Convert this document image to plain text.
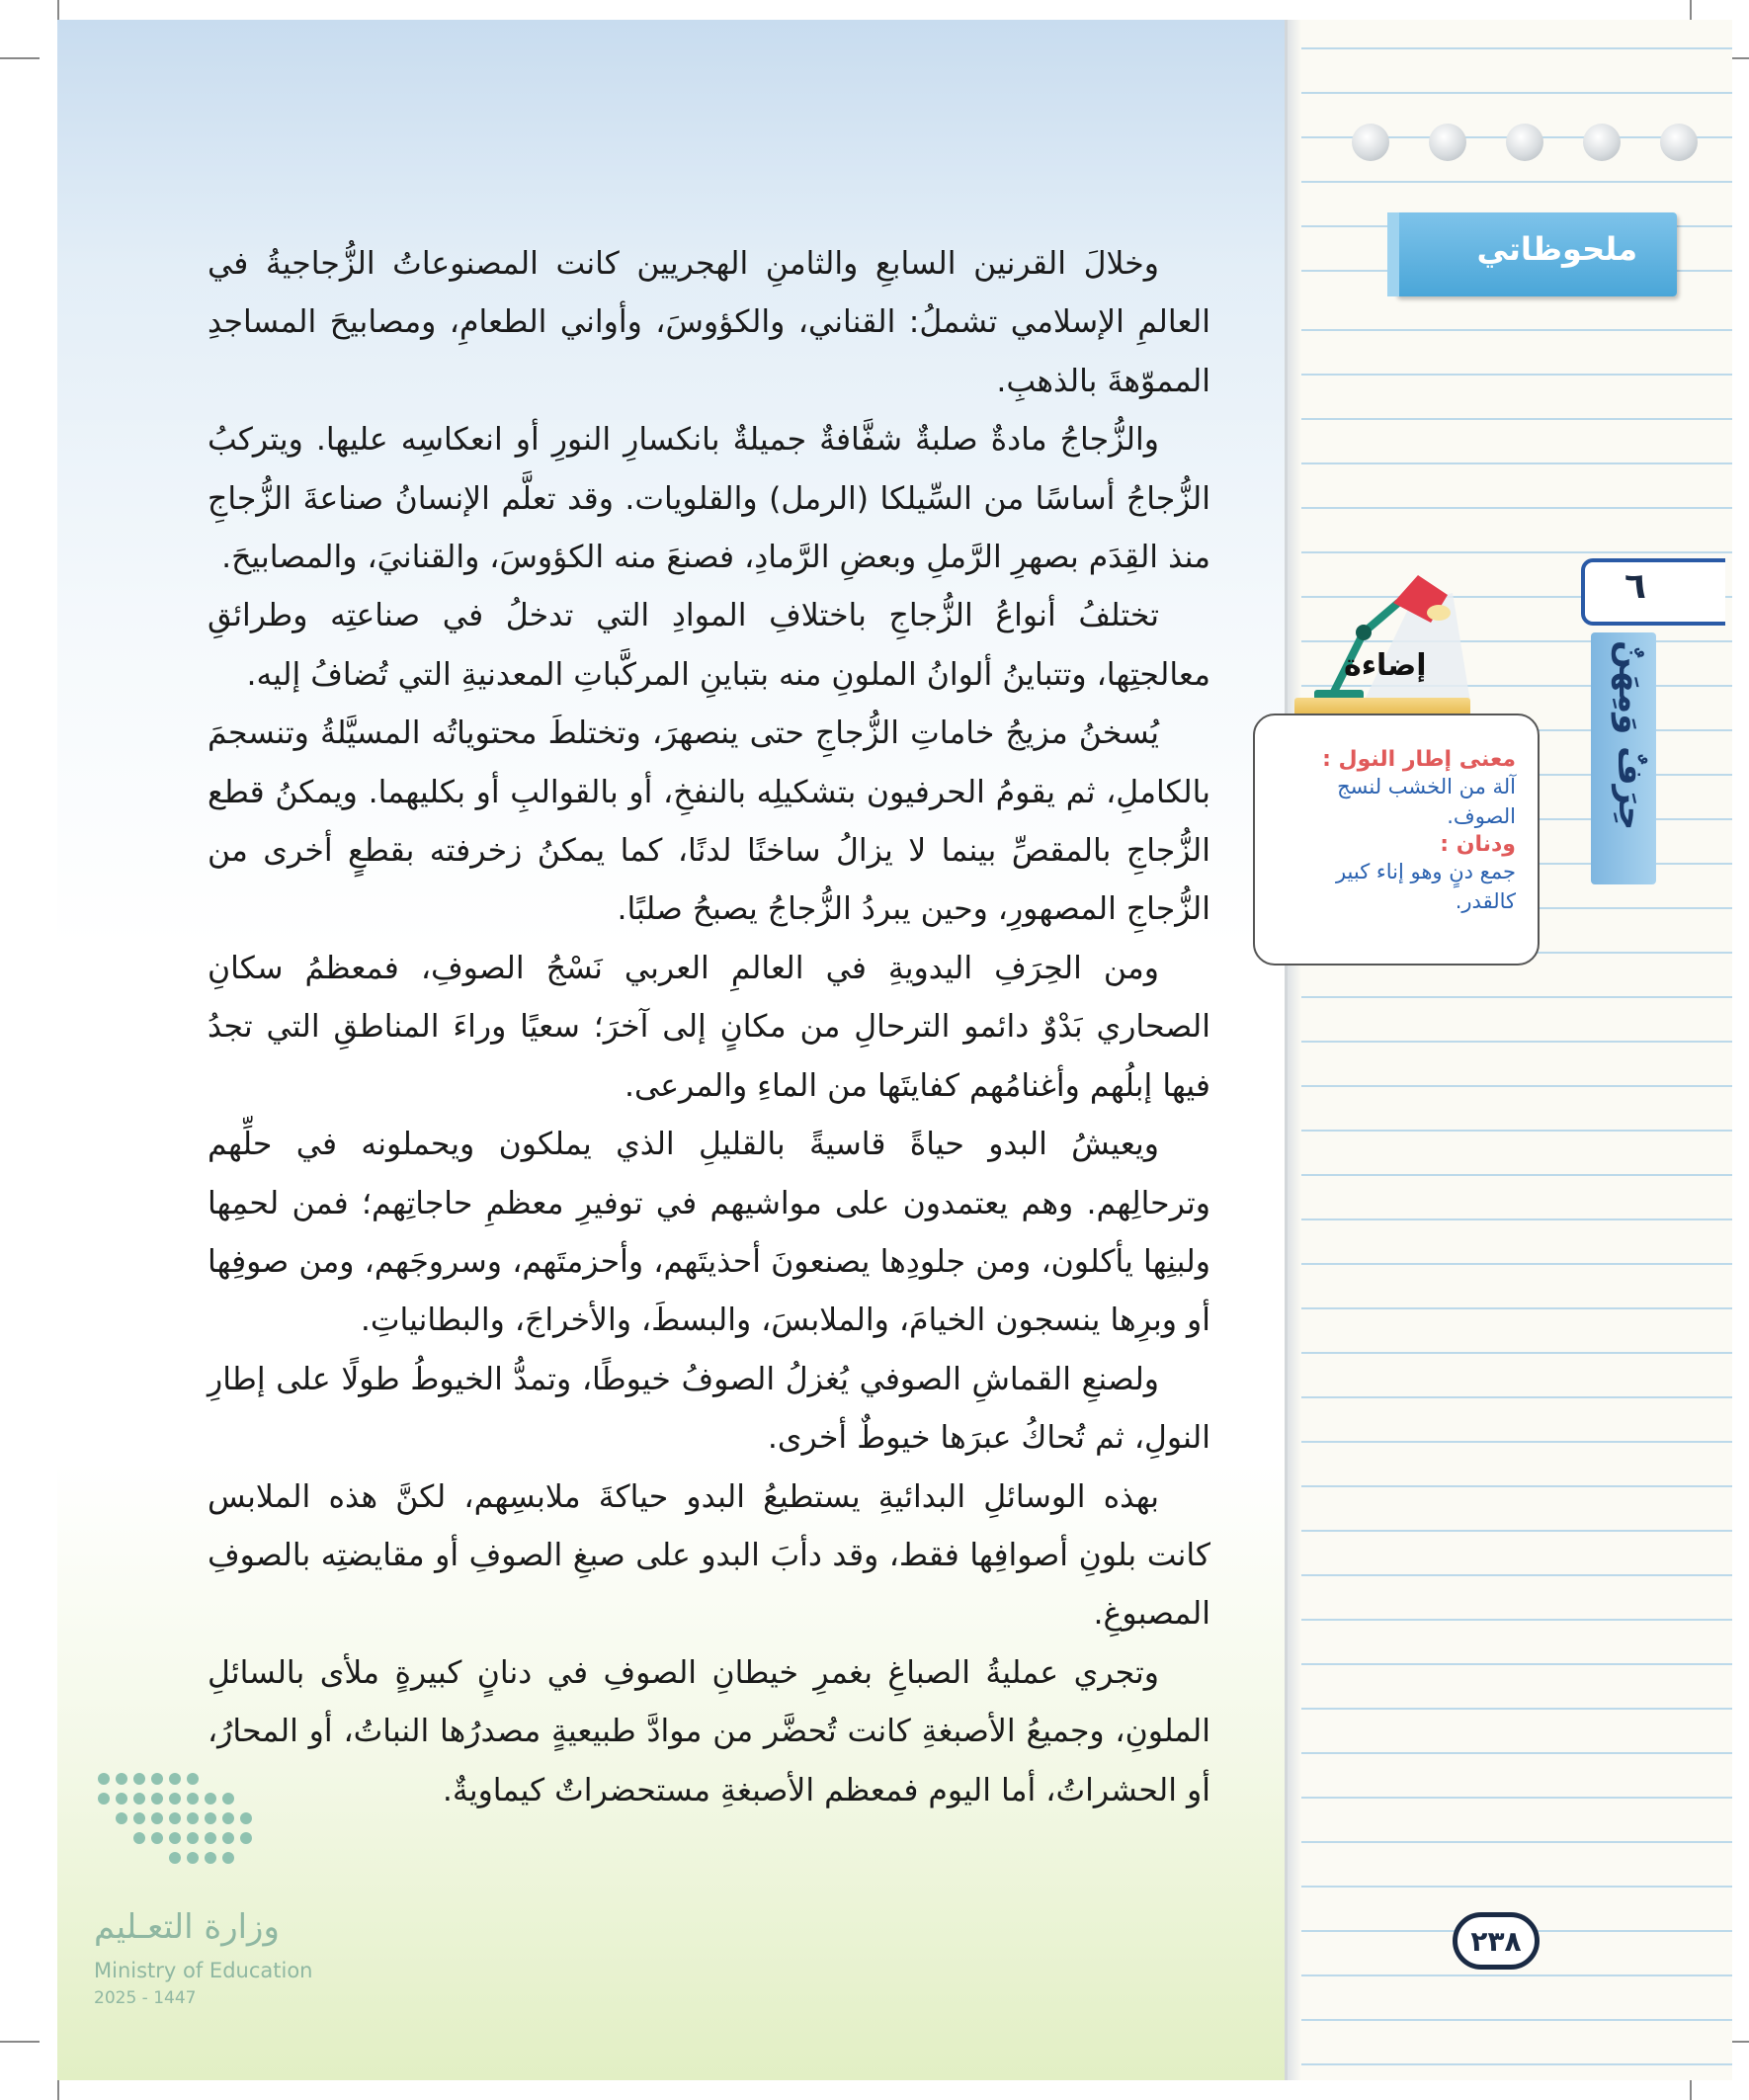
ملحوظاتي
٦
حِرَفٌ وَمِهَنٌ
إضاءة
معنى إطار النول :
آلة من الخشب لنسج الصوف.
ودنان :
جمع دنٍ وهو إناء كبير كالقدر.

وخلالَ القرنين السابعِ والثامنِ الهجريين كانت المصنوعاتُ الزُّجاجيةُ في العالمِ الإسلامي تشملُ: القناني، والكؤوسَ، وأواني الطعامِ، ومصابيحَ المساجدِ المموّهةَ بالذهبِ.

والزُّجاجُ مادةٌ صلبةٌ شفَّافةٌ جميلةٌ بانكسارِ النورِ أو انعكاسِه عليها. ويتركبُ الزُّجاجُ أساسًا من السِّيلكا (الرمل) والقلويات. وقد تعلَّم الإنسانُ صناعةَ الزُّجاجِ منذ القِدَم بصهرِ الرَّملِ وبعضِ الرَّمادِ، فصنعَ منه الكؤوسَ، والقنانيَ، والمصابيحَ.

تختلفُ أنواعُ الزُّجاجِ باختلافِ الموادِ التي تدخلُ في صناعتِه وطرائقِ معالجتِها، وتتباينُ ألوانُ الملونِ منه بتباينِ المركَّباتِ المعدنيةِ التي تُضافُ إليه.

يُسخنُ مزيجُ خاماتِ الزُّجاجِ حتى ينصهرَ، وتختلطَ محتوياتُه المسيَّلةُ وتنسجمَ بالكاملِ، ثم يقومُ الحرفيون بتشكيلِه بالنفخِ، أو بالقوالبِ أو بكليهما. ويمكنُ قطع الزُّجاجِ بالمقصِّ بينما لا يزالُ ساخنًا لدنًا، كما يمكنُ زخرفته بقطعٍ أخرى من الزُّجاجِ المصهورِ، وحين يبردُ الزُّجاجُ يصبحُ صلبًا.

ومن الحِرَفِ اليدويةِ في العالمِ العربي نَسْجُ الصوفِ، فمعظمُ سكانِ الصحاري بَدْوٌ دائمو الترحالِ من مكانٍ إلى آخرَ؛ سعيًا وراءَ المناطقِ التي تجدُ فيها إبلُهم وأغنامُهم كفايتَها من الماءِ والمرعى.

ويعيشُ البدو حياةً قاسيةً بالقليلِ الذي يملكون ويحملونه في حلِّهم وترحالِهم. وهم يعتمدون على مواشيهم في توفيرِ معظمِ حاجاتِهم؛ فمن لحمِها ولبنِها يأكلون، ومن جلودِها يصنعونَ أحذيتَهم، وأحزمتَهم، وسروجَهم، ومن صوفِها أو وبرِها ينسجون الخيامَ، والملابسَ، والبسطَ، والأخراجَ، والبطانياتِ.

ولصنعِ القماشِ الصوفي يُغزلُ الصوفُ خيوطًا، وتمدُّ الخيوطُ طولًا على إطارِ النولِ، ثم تُحاكُ عبرَها خيوطٌ أخرى.

بهذه الوسائلِ البدائيةِ يستطيعُ البدو حياكةَ ملابسِهم، لكنَّ هذه الملابس كانت بلونِ أصوافِها فقط، وقد دأبَ البدو على صبغِ الصوفِ أو مقايضتِه بالصوفِ المصبوغِ.

وتجري عمليةُ الصباغِ بغمرِ خيطانِ الصوفِ في دنانٍ كبيرةٍ ملأى بالسائلِ الملونِ، وجميعُ الأصبغةِ كانت تُحضَّر من موادَّ طبيعيةٍ مصدرُها النباتُ، أو المحارُ، أو الحشراتُ، أما اليوم فمعظم الأصبغةِ مستحضراتٌ كيماويةٌ.

٢٣٨
وزارة التعـليم
Ministry of Education
2025 - 1447
